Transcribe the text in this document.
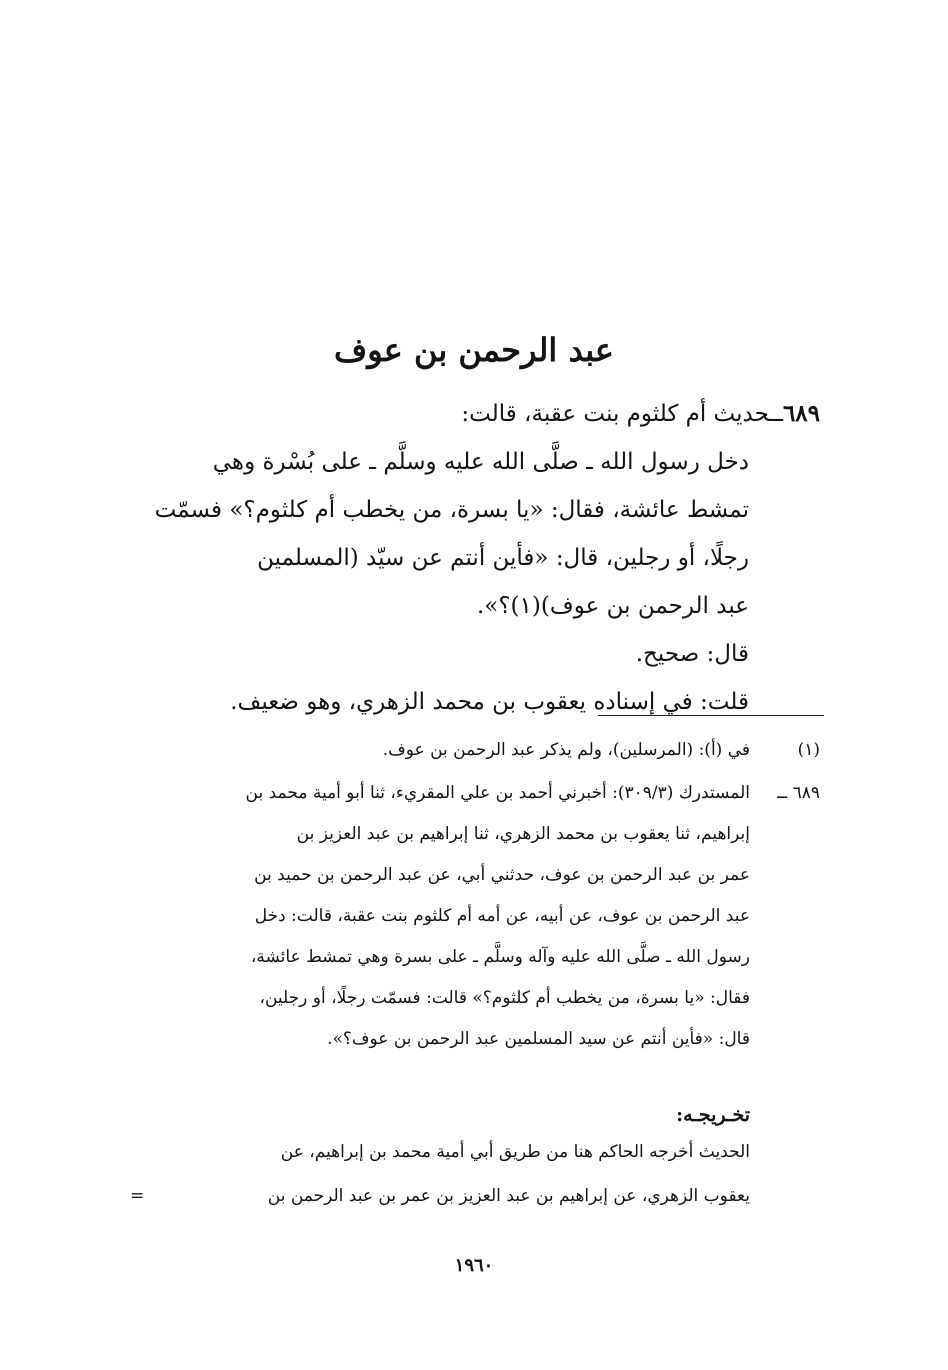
عبد الرحمن بن عوف
٦٨٩ــحديث أم كلثوم بنت عقبة، قالت:
دخل رسول الله ـ صلَّى الله عليه وسلَّم ـ على بُسْرة وهي
تمشط عائشة، فقال: «يا بسرة، من يخطب أم كلثوم؟» فسمّت
رجلًا، أو رجلين، قال: «فأين أنتم عن سيّد (المسلمين
عبد الرحمن بن عوف)(١)؟».
قال: صحيح.
قلت: في إسناده يعقوب بن محمد الزهري، وهو ضعيف.
(١)
في (أ): (المرسلين)، ولم يذكر عبد الرحمن بن عوف.
٦٨٩ ــ
المستدرك (٣٠٩/٣): أخبرني أحمد بن علي المقريء، ثنا أبو أمية محمد بن
إبراهيم، ثنا يعقوب بن محمد الزهري، ثنا إبراهيم بن عبد العزيز بن
عمر بن عبد الرحمن بن عوف، حدثني أبي، عن عبد الرحمن بن حميد بن
عبد الرحمن بن عوف، عن أبيه، عن أمه أم كلثوم بنت عقبة، قالت: دخل
رسول الله ـ صلَّى الله عليه وآله وسلَّم ـ على بسرة وهي تمشط عائشة،
فقال: «يا بسرة، من يخطب أم كلثوم؟» قالت: فسمّت رجلًا، أو رجلين،
قال: «فأين أنتم عن سيد المسلمين عبد الرحمن بن عوف؟».
تخـريجـه:
الحديث أخرجه الحاكم هنا من طريق أبي أمية محمد بن إبراهيم، عن
يعقوب الزهري، عن إبراهيم بن عبد العزيز بن عمر بن عبد الرحمن بن
=
١٩٦٠
